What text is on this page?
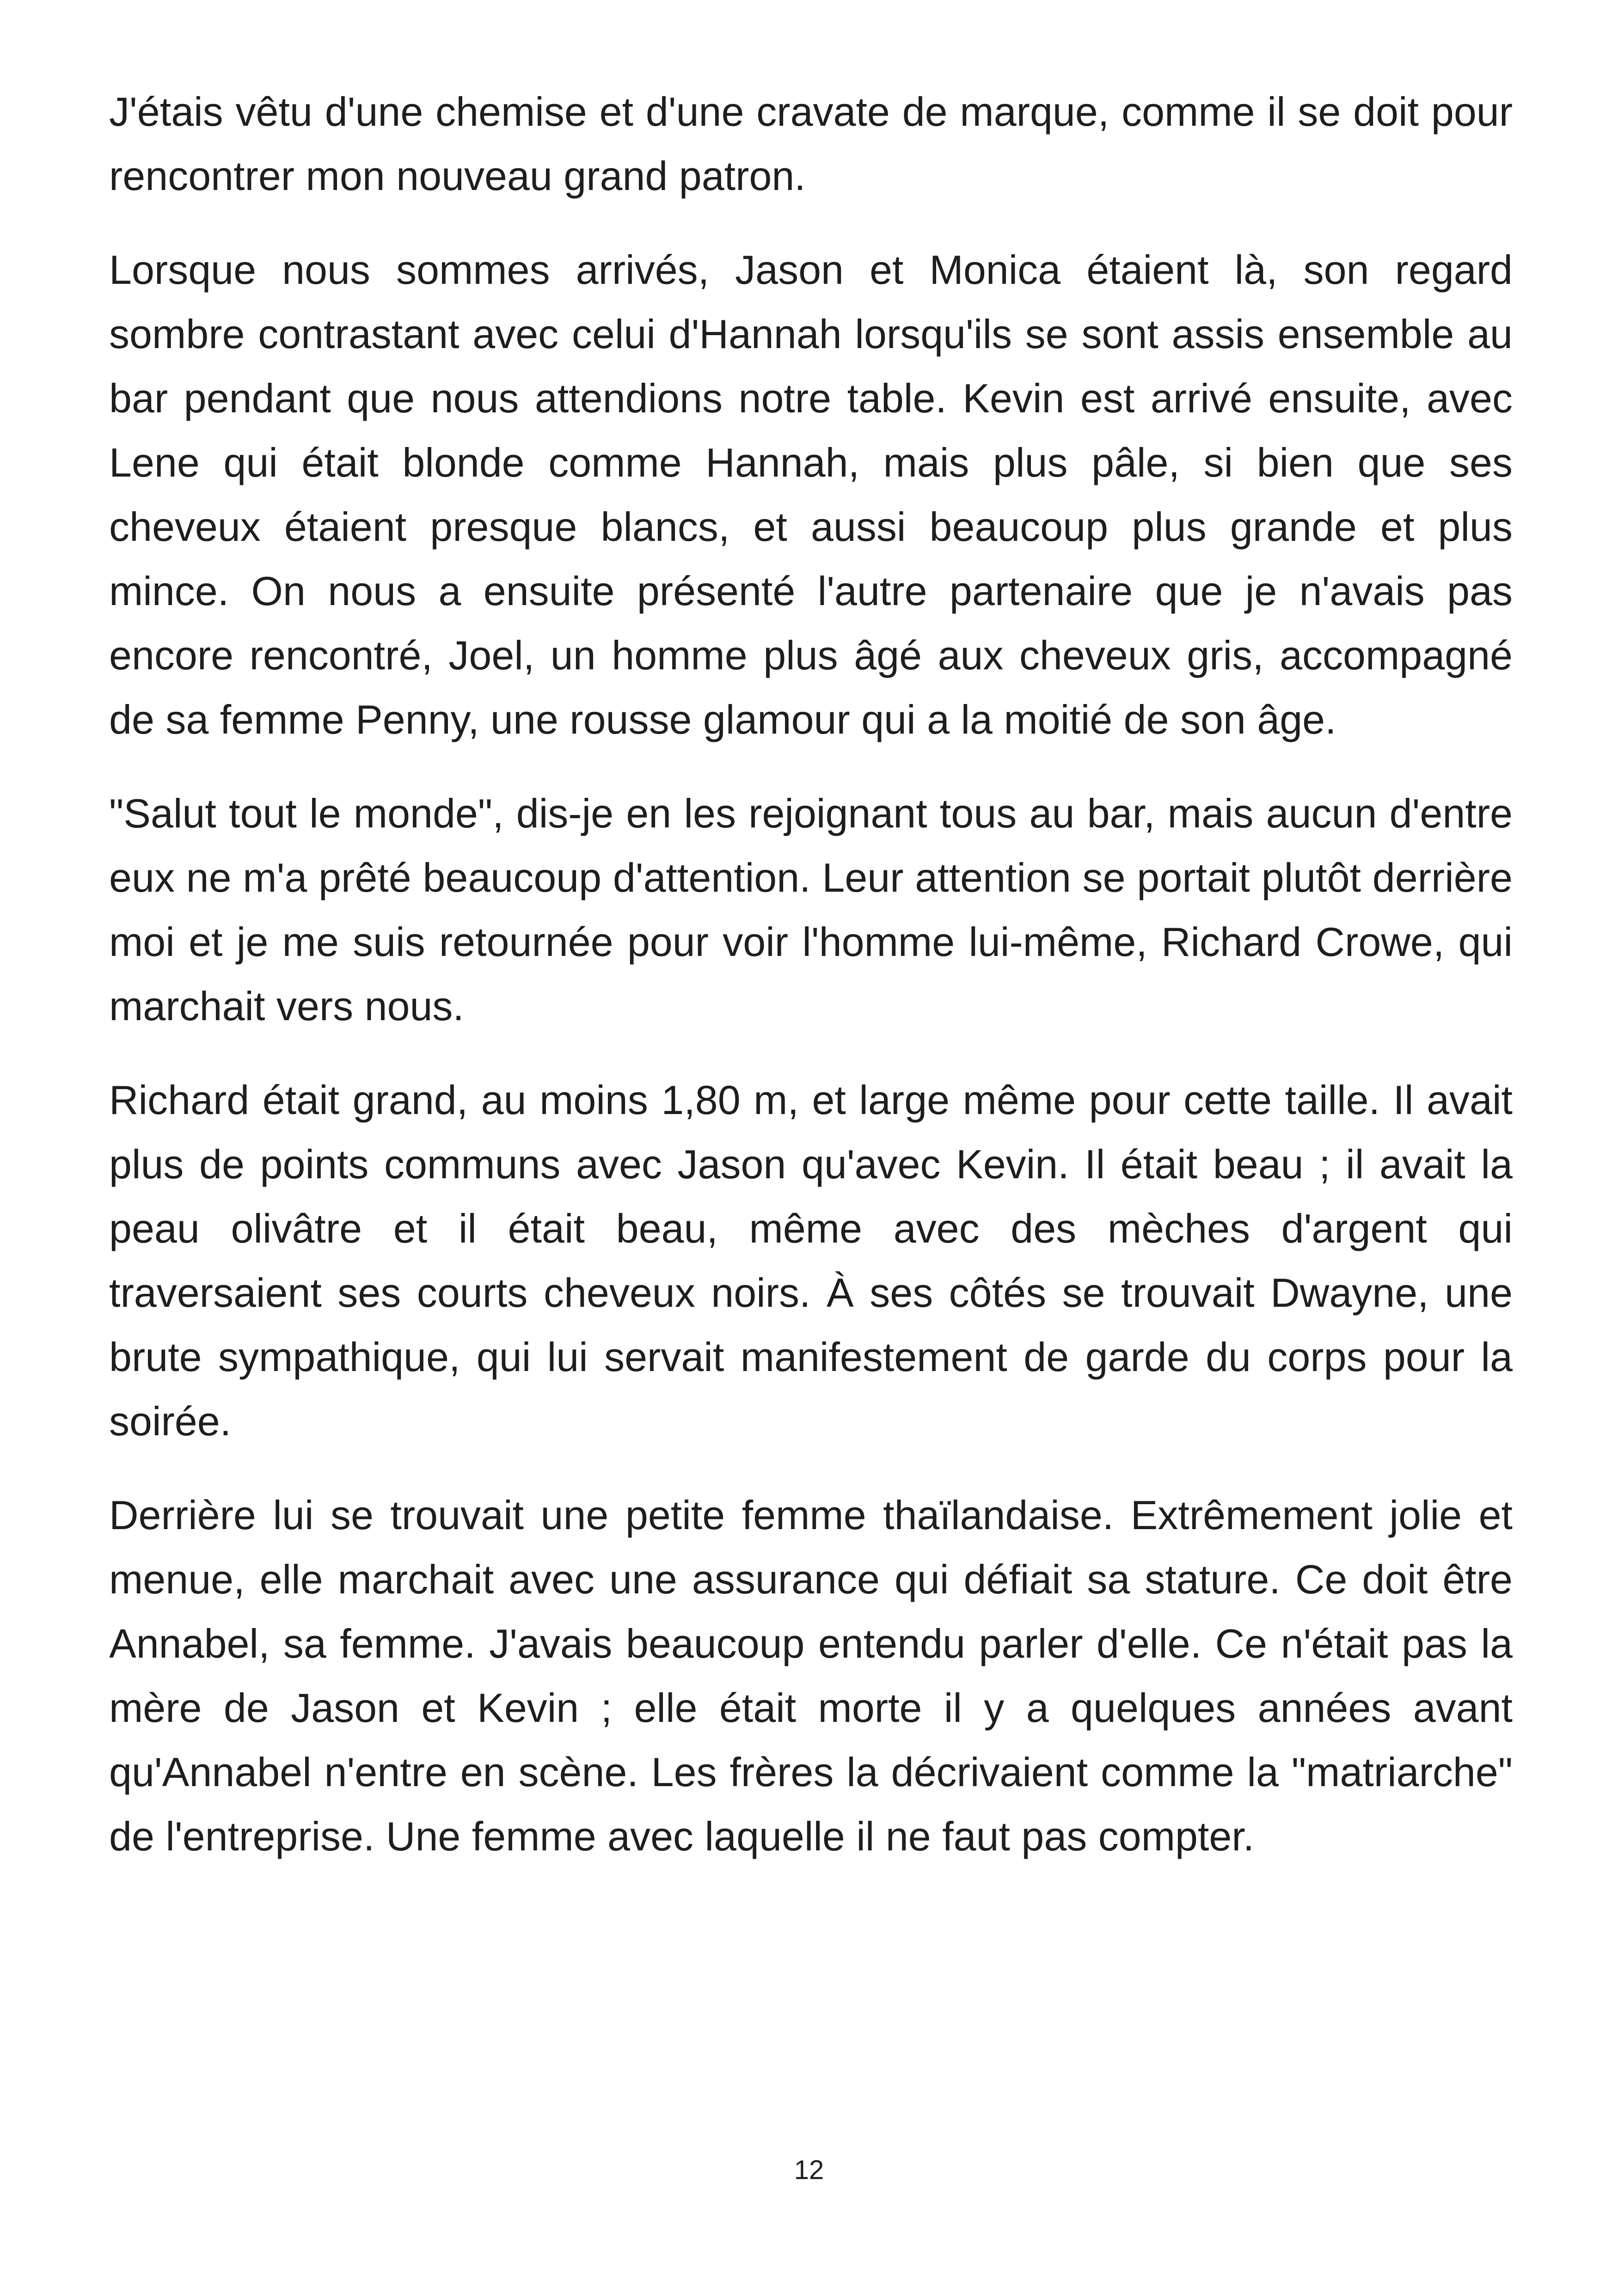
J'étais vêtu d'une chemise et d'une cravate de marque, comme il se doit pour rencontrer mon nouveau grand patron.

Lorsque nous sommes arrivés, Jason et Monica étaient là, son regard sombre contrastant avec celui d'Hannah lorsqu'ils se sont assis ensemble au bar pendant que nous attendions notre table. Kevin est arrivé ensuite, avec Lene qui était blonde comme Hannah, mais plus pâle, si bien que ses cheveux étaient presque blancs, et aussi beaucoup plus grande et plus mince. On nous a ensuite présenté l'autre partenaire que je n'avais pas encore rencontré, Joel, un homme plus âgé aux cheveux gris, accompagné de sa femme Penny, une rousse glamour qui a la moitié de son âge.

"Salut tout le monde", dis-je en les rejoignant tous au bar, mais aucun d'entre eux ne m'a prêté beaucoup d'attention. Leur attention se portait plutôt derrière moi et je me suis retournée pour voir l'homme lui-même, Richard Crowe, qui marchait vers nous.

Richard était grand, au moins 1,80 m, et large même pour cette taille. Il avait plus de points communs avec Jason qu'avec Kevin. Il était beau ; il avait la peau olivâtre et il était beau, même avec des mèches d'argent qui traversaient ses courts cheveux noirs. À ses côtés se trouvait Dwayne, une brute sympathique, qui lui servait manifestement de garde du corps pour la soirée.

Derrière lui se trouvait une petite femme thaïlandaise. Extrêmement jolie et menue, elle marchait avec une assurance qui défiait sa stature. Ce doit être Annabel, sa femme. J'avais beaucoup entendu parler d'elle. Ce n'était pas la mère de Jason et Kevin ; elle était morte il y a quelques années avant qu'Annabel n'entre en scène. Les frères la décrivaient comme la "matriarche" de l'entreprise. Une femme avec laquelle il ne faut pas compter.

12
